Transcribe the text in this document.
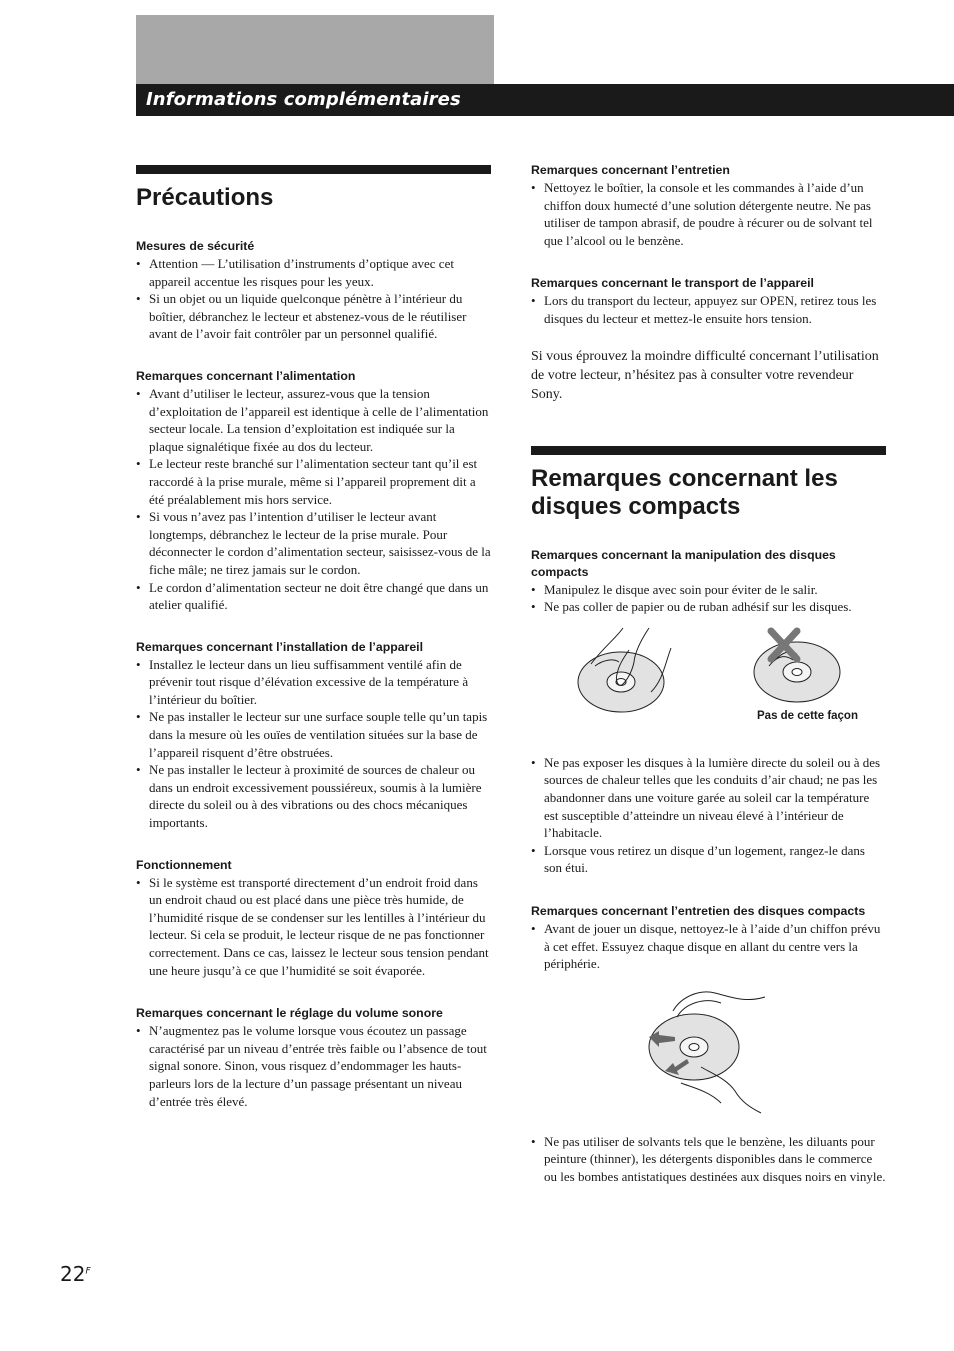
Informations complémentaires
Précautions
Mesures de sécurité
• Attention — L’utilisation d’instruments d’optique avec cet appareil accentue les risques pour les yeux.
• Si un objet ou un liquide quelconque pénètre à l’intérieur du boîtier, débranchez le lecteur et abstenez-vous de le réutiliser avant de l’avoir fait contrôler par un personnel qualifié.
Remarques concernant l’alimentation
• Avant d’utiliser le lecteur, assurez-vous que la tension d’exploitation de l’appareil est identique à celle de l’alimentation secteur locale. La tension d’exploitation est indiquée sur la plaque signalétique fixée au dos du lecteur.
• Le lecteur reste branché sur l’alimentation secteur tant qu’il est raccordé à la prise murale, même si l’appareil proprement dit a été préalablement mis hors service.
• Si vous n’avez pas l’intention d’utiliser le lecteur avant longtemps, débranchez le lecteur de la prise murale. Pour déconnecter le cordon d’alimentation secteur, saisissez-vous de la fiche mâle; ne tirez jamais sur le cordon.
• Le cordon d’alimentation secteur ne doit être changé que dans un atelier qualifié.
Remarques concernant l’installation de l’appareil
• Installez le lecteur dans un lieu suffisamment ventilé afin de prévenir tout risque d’élévation excessive de la température à l’intérieur du boîtier.
• Ne pas installer le lecteur sur une surface souple telle qu’un tapis dans la mesure où les ouïes de ventilation situées sur la base de l’appareil risquent d’être obstruées.
• Ne pas installer le lecteur à proximité de sources de chaleur ou dans un endroit excessivement poussiéreux, soumis à la lumière directe du soleil ou à des vibrations ou des chocs mécaniques importants.
Fonctionnement
• Si le système est transporté directement d’un endroit froid dans un endroit chaud ou est placé dans une pièce très humide, de l’humidité risque de se condenser sur les lentilles à l’intérieur du lecteur. Si cela se produit, le lecteur risque de ne pas fonctionner correctement. Dans ce cas, laissez le lecteur sous tension pendant une heure jusqu’à ce que l’humidité se soit évaporée.
Remarques concernant le réglage du volume sonore
• N’augmentez pas le volume lorsque vous écoutez un passage caractérisé par un niveau d’entrée très faible ou l’absence de tout signal sonore. Sinon, vous risquez d’endommager les hauts-parleurs lors de la lecture d’un passage présentant un niveau d’entrée très élevé.
Remarques concernant l’entretien
• Nettoyez le boîtier, la console et les commandes à l’aide d’un chiffon doux humecté d’une solution détergente neutre. Ne pas utiliser de tampon abrasif, de poudre à récurer ou de solvant tel que l’alcool ou le benzène.
Remarques concernant le transport de l’appareil
• Lors du transport du lecteur, appuyez sur OPEN, retirez tous les disques du lecteur et mettez-le ensuite hors tension.

Si vous éprouvez la moindre difficulté concernant l’utilisation de votre lecteur, n’hésitez pas à consulter votre revendeur Sony.

Remarques concernant les
disques compacts
Remarques concernant la manipulation des disques compacts
• Manipulez le disque avec soin pour éviter de le salir.
• Ne pas coller de papier ou de ruban adhésif sur les disques.
Pas de cette façon
• Ne pas exposer les disques à la lumière directe du soleil ou à des sources de chaleur telles que les conduits d’air chaud; ne pas les abandonner dans une voiture garée au soleil car la température est susceptible d’atteindre un niveau élevé à l’intérieur de l’habitacle.
• Lorsque vous retirez un disque d’un logement, rangez-le dans son étui.
Remarques concernant l’entretien des disques compacts
• Avant de jouer un disque, nettoyez-le à l’aide d’un chiffon prévu à cet effet. Essuyez chaque disque en allant du centre vers la périphérie.
• Ne pas utiliser de solvants tels que le benzène, les diluants pour peinture (thinner), les détergents disponibles dans le commerce ou les bombes antistatiques destinées aux disques noirs en vinyle.
$22^F$
